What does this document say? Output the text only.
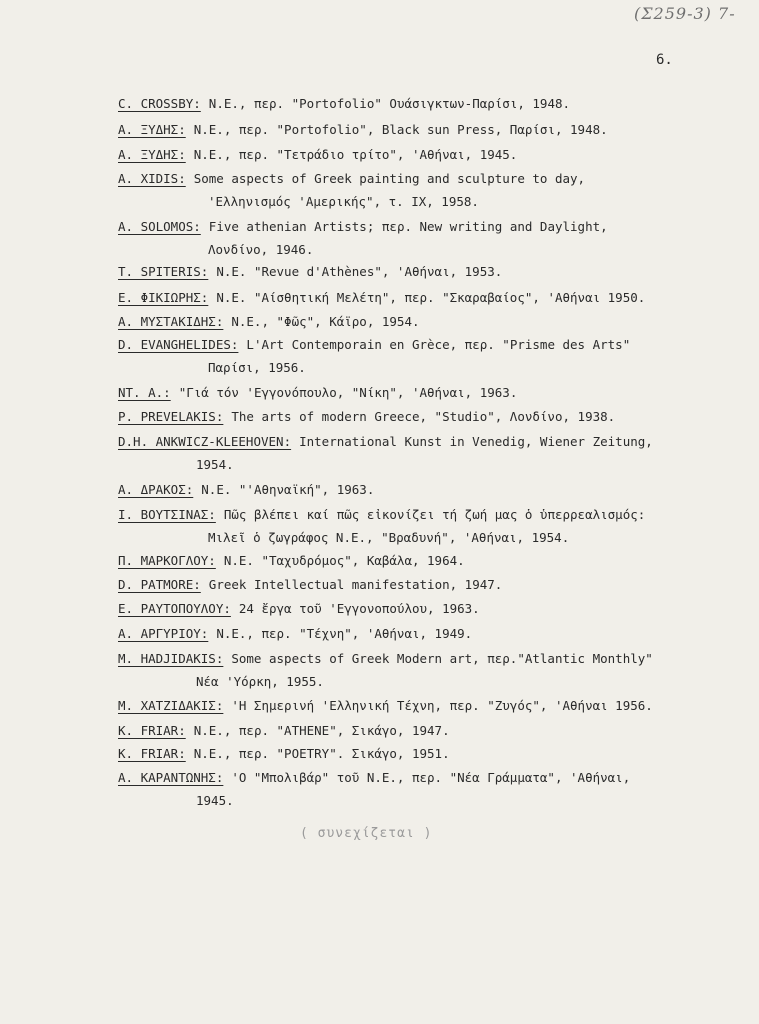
(Σ259-3) 7-
6.
C. CROSSBY: Ν.Ε., περ. "Portofolio" Ουάσιγκτων-Παρίσι, 1948.
Α. ΞΥΔΗΣ: Ν.Ε., περ. "Portofolio", Black sun Press, Παρίσι, 1948.
Α. ΞΥΔΗΣ: Ν.Ε., περ. "Τετράδιο τρίτο", 'Αθήναι, 1945.
A. XIDIS: Some aspects of Greek painting and sculpture to day,
'Ελληνισμός 'Αμερικής", τ. IX, 1958.
A. SOLOMOS: Five athenian Artists; περ. New writing and Daylight,
Λονδίνο, 1946.
T. SPITERIS: Ν.Ε. "Revue d'Athènes", 'Αθήναι, 1953.
Ε. ΦΙΚΙΩΡΗΣ: Ν.Ε. "Αίσθητική Μελέτη", περ. "Σκαραβαίος", 'Αθήναι 1950.
Α. ΜΥΣΤΑΚΙΔΗΣ: Ν.Ε., "Φῶς", Κάϊρο, 1954.
D. EVANGHELIDES: L'Art Contemporain en Grèce, περ. "Prisme des Arts"
Παρίσι, 1956.
ΝΤ. Α.: "Γιά τόν 'Εγγονόπουλο, "Νίκη", 'Αθήναι, 1963.
P. PREVELAKIS: The arts of modern Greece, "Studio", Λονδίνο, 1938.
D.H. ANKWICZ-KLEEHOVEN: International Kunst in Venedig, Wiener Zeitung,
1954.
Α. ΔΡΑΚΟΣ: Ν.Ε. "'Αθηναϊκή", 1963.
Ι. ΒΟΥΤΣΙΝΑΣ: Πῶς βλέπει καί πῶς εἰκονίζει τή ζωή μας ὁ ὑπερρεαλισμός:
Μιλεῖ ὁ ζωγράφος Ν.Ε., "Βραδυνή", 'Αθήναι, 1954.
Π. ΜΑΡΚΟΓΛΟΥ: Ν.Ε. "Ταχυδρόμος", Καβάλα, 1964.
D. PATMORE: Greek Intellectual manifestation, 1947.
Ε. ΡΑΥΤΟΠΟΥΛΟΥ: 24 ἔργα τοῦ 'Εγγονοπούλου, 1963.
Α. ΑΡΓΥΡΙΟΥ: Ν.Ε., περ. "Τέχνη", 'Αθήναι, 1949.
M. HADJIDAKIS: Some aspects of Greek Modern art, περ."Atlantic Monthly"
Νέα 'Υόρκη, 1955.
Μ. ΧΑΤΖΙΔΑΚΙΣ: 'Η Σημερινή 'Ελληνική Τέχνη, περ. "Ζυγός", 'Αθήναι 1956.
Κ. FRIAR: Ν.Ε., περ. "ATHENE", Σικάγο, 1947.
Κ. FRIAR: Ν.Ε., περ. "POETRY". Σικάγο, 1951.
Α. ΚΑΡΑΝΤΩΝΗΣ: 'Ο "Μπολιβάρ" τοῦ Ν.Ε., περ. "Νέα Γράμματα", 'Αθήναι,
1945.
( συνεχίζεται )
